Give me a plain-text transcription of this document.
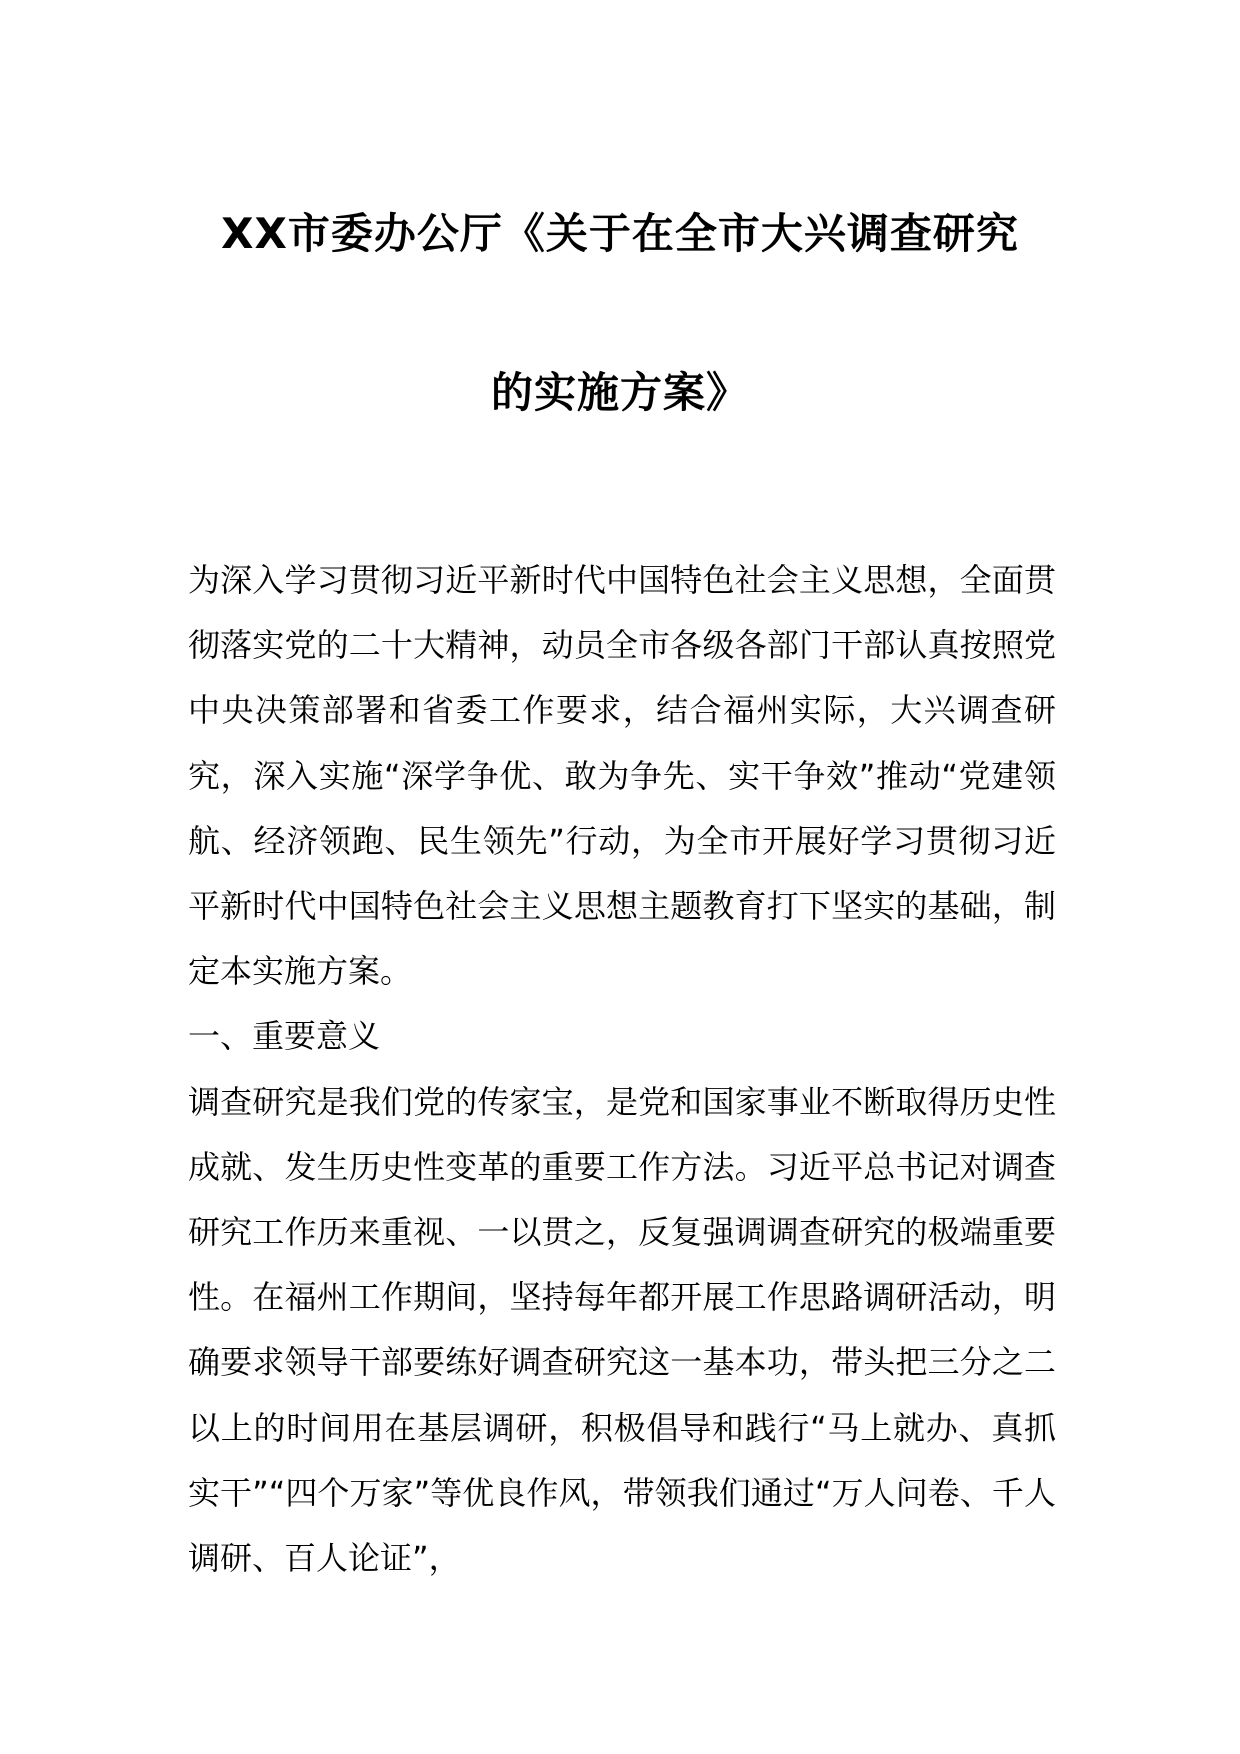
XX市委办公厅《关于在全市大兴调查研究
的实施方案》

为深入学习贯彻习近平新时代中国特色社会主义思想，全面贯彻落实党的二十大精神，动员全市各级各部门干部认真按照党中央决策部署和省委工作要求，结合福州实际，大兴调查研究，深入实施“深学争优、敢为争先、实干争效”推动“党建领航、经济领跑、民生领先”行动，为全市开展好学习贯彻习近平新时代中国特色社会主义思想主题教育打下坚实的基础，制定本实施方案。

一、重要意义

调查研究是我们党的传家宝，是党和国家事业不断取得历史性成就、发生历史性变革的重要工作方法。习近平总书记对调查研究工作历来重视、一以贯之，反复强调调查研究的极端重要性。在福州工作期间，坚持每年都开展工作思路调研活动，明确要求领导干部要练好调查研究这一基本功，带头把三分之二以上的时间用在基层调研，积极倡导和践行“马上就办、真抓实干”“四个万家”等优良作风，带领我们通过“万人问卷、千人调研、百人论证”，
